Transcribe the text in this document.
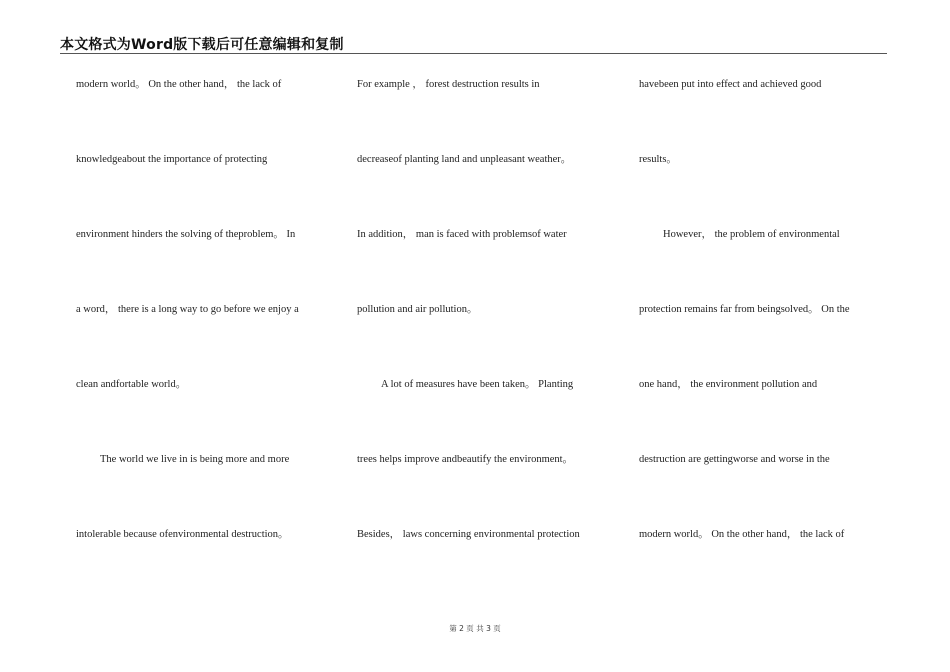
本文格式为Word版下载后可任意编辑和复制
modern world。 On the other hand， the lack of
knowledgeabout the importance of protecting
environment hinders the solving of theproblem。 In
a word， there is a long way to go before we enjoy a
clean andfortable world。
The world we live in is being more and more
intolerable because ofenvironmental destruction。
For example ， forest destruction results in
decreaseof planting land and unpleasant weather。
In addition， man is faced with problemsof water
pollution and air pollution。
A lot of measures have been taken。 Planting
trees helps improve andbeautify the environment。
Besides， laws concerning environmental protection
havebeen put into effect and achieved good
results。
However， the problem of environmental
protection remains far from beingsolved。 On the
one hand， the environment pollution and
destruction are gettingworse and worse in the
modern world。 On the other hand， the lack of
第 2 页 共 3 页
